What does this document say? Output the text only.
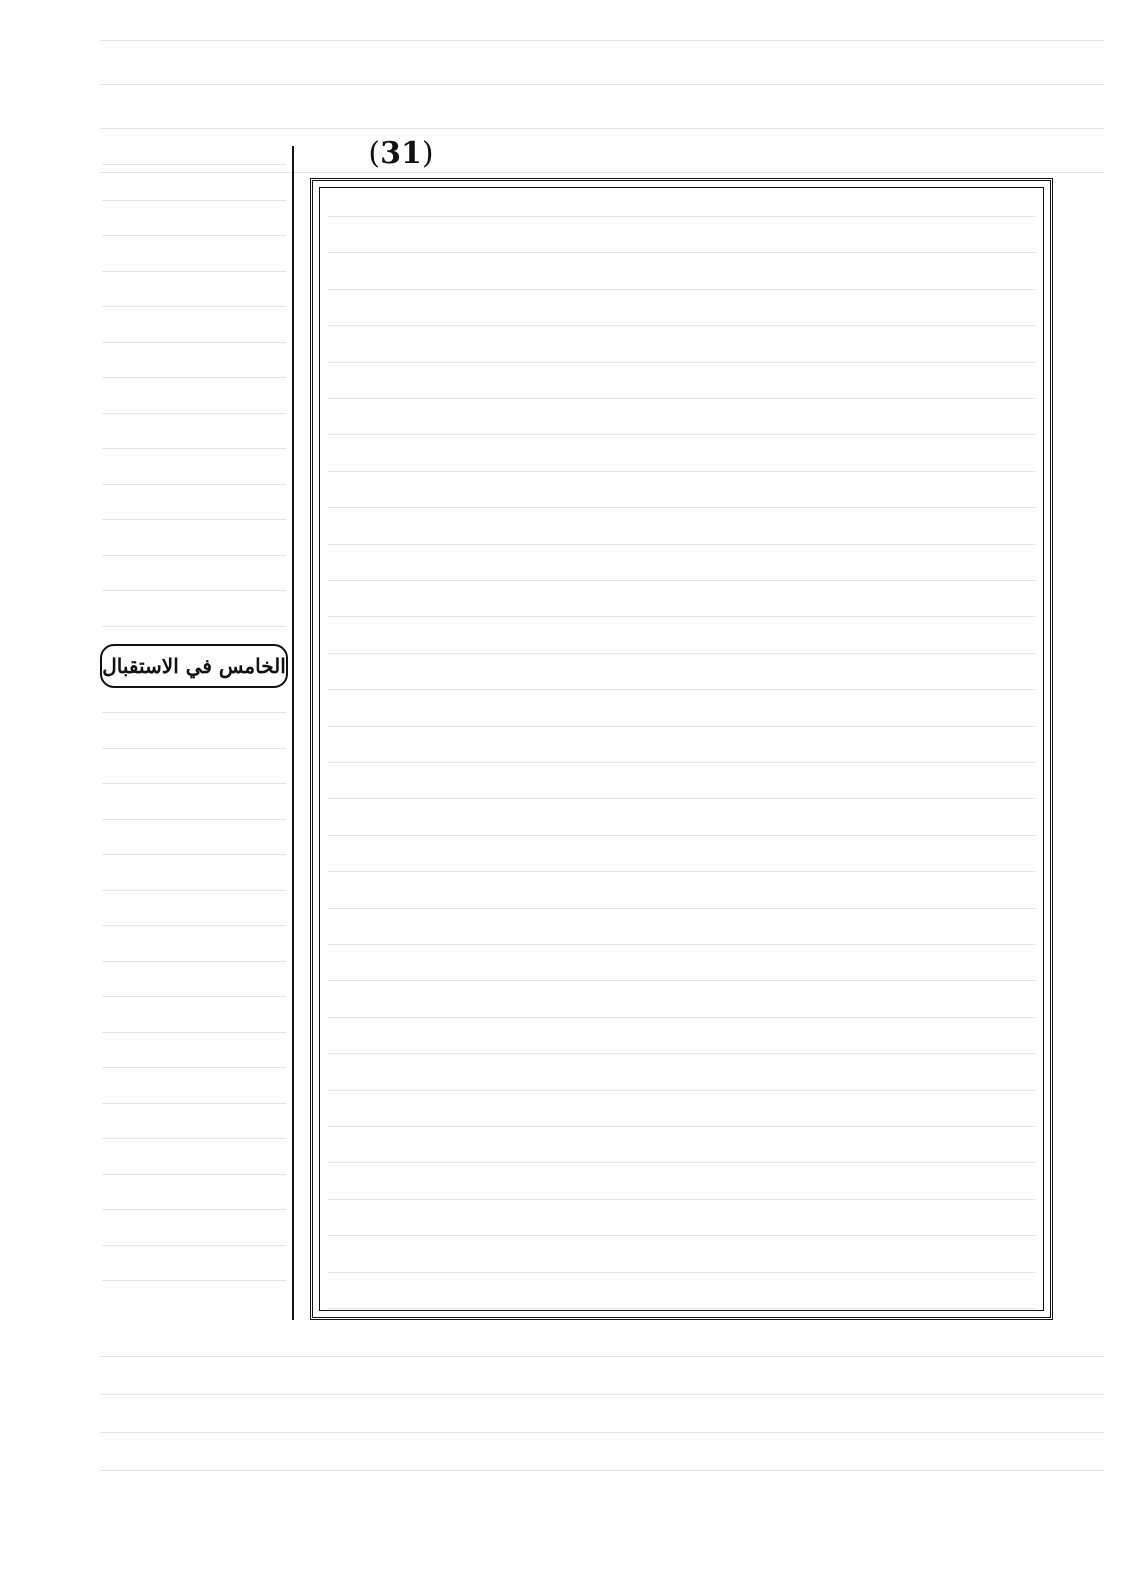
(31)
الخامس في الاستقبال
